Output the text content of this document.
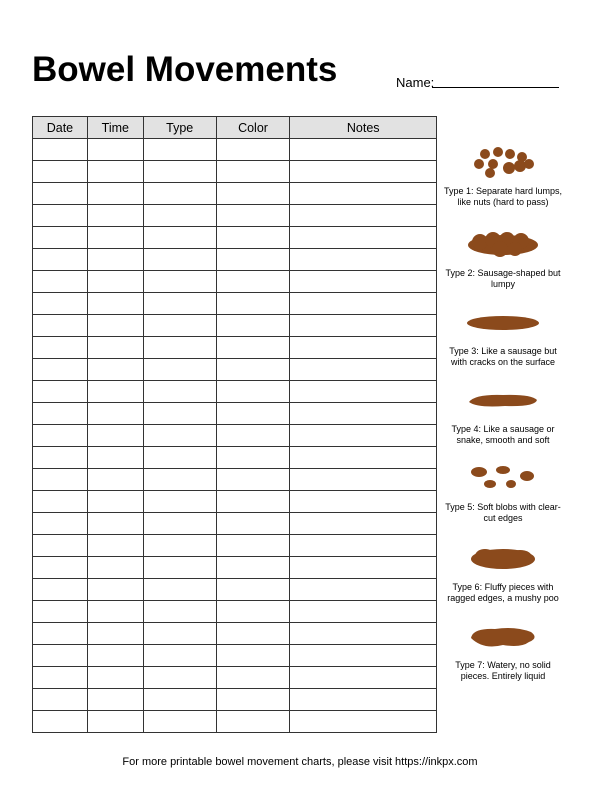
Bowel Movements	Name:
Date	Time	Type	Color	Notes

Type 1: Separate hard lumps, like nuts (hard to pass)
Type 2: Sausage-shaped but lumpy
Type 3: Like a sausage but with cracks on the surface
Type 4: Like a sausage or snake, smooth and soft
Type 5: Soft blobs with clear-cut edges
Type 6: Fluffy pieces with ragged edges, a mushy poo
Type 7: Watery, no solid pieces. Entirely liquid
For more printable bowel movement charts, please visit https://inkpx.com
